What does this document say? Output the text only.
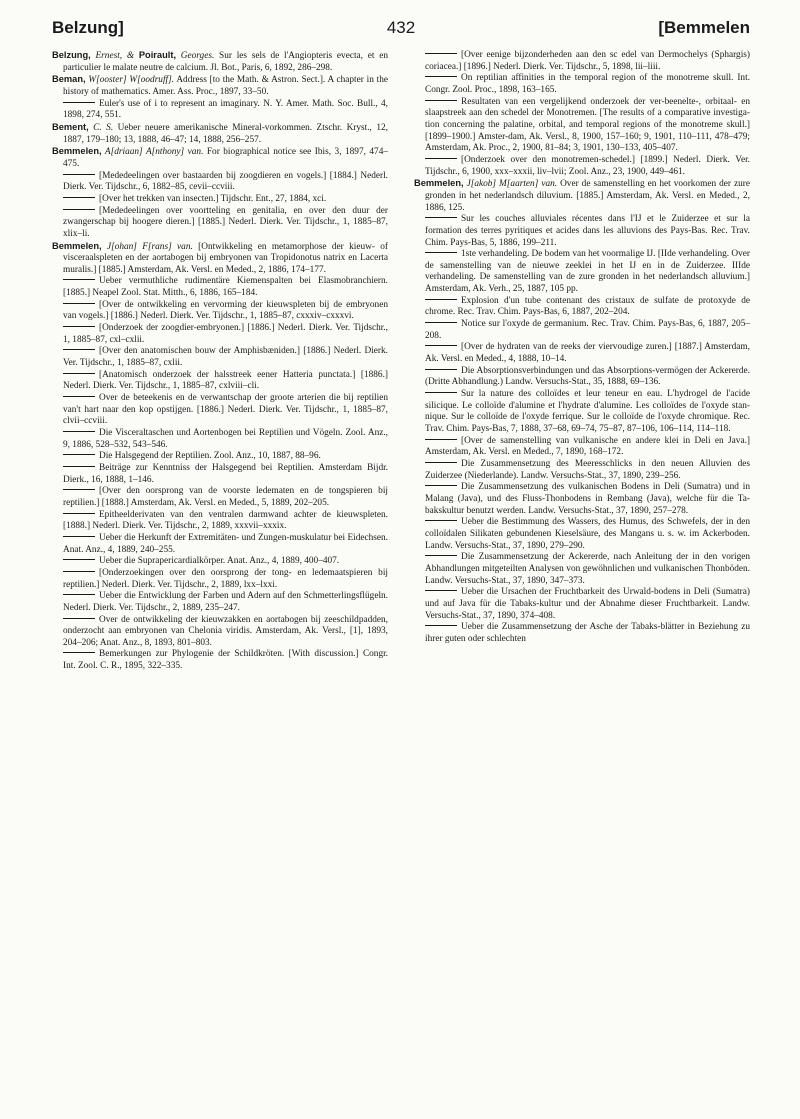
Belzung]	432	[Bemmelen

Belzung, Ernest, & Poirault, Georges. Sur les sels de l'Angiopteris evecta, et en particulier le malate neutre de calcium. Jl. Bot., Paris, 6, 1892, 286–298.

Beman, W[ooster] W[oodruff]. Address [to the Math. & Astron. Sect.]. A chapter in the history of mathematics. Amer. Ass. Proc., 1897, 33–50.

Euler's use of i to represent an imaginary. N. Y. Amer. Math. Soc. Bull., 4, 1898, 274, 551.

Bement, C. S. Ueber neuere amerikanische Mineral-vorkommen. Ztschr. Kryst., 12, 1887, 179–180; 13, 1888, 46–47; 14, 1888, 256–257.

Bemmelen, A[driaan] A[nthony] van. For biographical notice see Ibis, 3, 1897, 474–475.

[Mededeelingen over bastaarden bij zoogdieren en vogels.] [1884.] Nederl. Dierk. Ver. Tijdschr., 6, 1882–85, cevii–ccviii.

[Over het trekken van insecten.] Tijdschr. Ent., 27, 1884, xci.

[Mededeelingen over voortteling en genitalia, en over den duur der zwangerschap bij hoogere dieren.] [1885.] Nederl. Dierk. Ver. Tijdschr., 1, 1885–87, xlix–li.

Bemmelen, J[ohan] F[rans] van. [Ontwikkeling en metamorphose der kieuw- of visceraalspleten en der aortabogen bij embryonen van Tropidonotus natrix en Lacerta muralis.] [1885.] Amsterdam, Ak. Versl. en Meded., 2, 1886, 174–177.

Ueber vermuthliche rudimentäre Kiemenspalten bei Elasmobranchiern. [1885.] Neapel Zool. Stat. Mitth., 6, 1886, 165–184.

[Over de ontwikkeling en vervorming der kieuwspleten bij de embryonen van vogels.] [1886.] Nederl. Dierk. Ver. Tijdschr., 1, 1885–87, cxxxiv–cxxxvi.

[Onderzoek der zoogdier-embryonen.] [1886.] Nederl. Dierk. Ver. Tijdschr., 1, 1885–87, cxl–cxlii.

[Over den anatomischen bouw der Amphisbæniden.] [1886.] Nederl. Dierk. Ver. Tijdschr., 1, 1885–87, cxlii.

[Anatomisch onderzoek der halsstreek eener Hatteria punctata.] [1886.] Nederl. Dierk. Ver. Tijdschr., 1, 1885–87, cxlviii–cli.

Over de beteekenis en de verwantschap der groote arterien die bij reptilien van't hart naar den kop opstijgen. [1886.] Nederl. Dierk. Ver. Tijdschr., 1, 1885–87, clvii–ccviii.

Die Visceraltaschen und Aortenbogen bei Reptilien und Vögeln. Zool. Anz., 9, 1886, 528–532, 543–546.

Die Halsgegend der Reptilien. Zool. Anz., 10, 1887, 88–96.

Beiträge zur Kenntniss der Halsgegend bei Reptilien. Amsterdam Bijdr. Dierk., 16, 1888, 1–146.

[Over den oorsprong van de voorste ledematen en de tongspieren bij reptilien.] [1888.] Amsterdam, Ak. Versl. en Meded., 5, 1889, 202–205.

Epitheelderivaten van den ventralen darmwand achter de kieuwspleten. [1888.] Nederl. Dierk. Ver. Tijdschr., 2, 1889, xxxvii–xxxix.

Ueber die Herkunft der Extremitäten- und Zungen-muskulatur bei Eidechsen. Anat. Anz., 4, 1889, 240–255.

Ueber die Suprapericardialkörper. Anat. Anz., 4, 1889, 400–407.

[Onderzoekingen over den oorsprong der tong- en ledemaatspieren bij reptilien.] Nederl. Dierk. Ver. Tijdschr., 2, 1889, lxx–lxxi.

Ueber die Entwicklung der Farben und Adern auf den Schmetterlingsflügeln. Nederl. Dierk. Ver. Tijdschr., 2, 1889, 235–247.

Over de ontwikkeling der kieuwzakken en aortabogen bij zeeschildpadden, onderzocht aan embryonen van Chelonia viridis. Amsterdam, Ak. Versl., [1], 1893, 204–206; Anat. Anz., 8, 1893, 801–803.

Bemerkungen zur Phylogenie der Schildkröten. [With discussion.] Congr. Int. Zool. C. R., 1895, 322–335.

[Over eenige bijzonderheden aan den sc edel van Dermochelys (Sphargis) coriacea.] [1896.] Nederl. Dierk. Ver. Tijdschr., 5, 1898, lii–liii.

On reptilian affinities in the temporal region of the monotreme skull. Int. Congr. Zool. Proc., 1898, 163–165.

Resultaten van een vergelijkend onderzoek der ver-beenelte-, orbitaal- en slaapstreek aan den schedel der Monotremen. [The results of a comparative investiga-tion concerning the palatine, orbital, and temporal regions of the monotreme skull.] [1899–1900.] Amster-dam, Ak. Versl., 8, 1900, 157–160; 9, 1901, 110–111, 478–479; Amsterdam, Ak. Proc., 2, 1900, 81–84; 3, 1901, 130–133, 405–407.

[Onderzoek over den monotremen-schedel.] [1899.] Nederl. Dierk. Ver. Tijdschr., 6, 1900, xxx–xxxii, liv–lvii; Zool. Anz., 23, 1900, 449–461.

Bemmelen, J[akob] M[aarten] van. Over de samenstelling en het voorkomen der zure gronden in het nederlandsch diluvium. [1885.] Amsterdam, Ak. Versl. en Meded., 2, 1886, 125.

Sur les couches alluviales récentes dans l'IJ et le Zuiderzee et sur la formation des terres pyritiques et acides dans les alluvions des Pays-Bas. Rec. Trav. Chim. Pays-Bas, 5, 1886, 199–211.

1ste verhandeling. De bodem van het voormalige IJ. [IIde verhandeling. Over de samenstelling van de nieuwe zeeklei in het IJ en in de Zuiderzee. IIIde verhandeling. De samenstelling van de zure gronden in het nederlandsch alluvium.] Amsterdam, Ak. Verh., 25, 1887, 105 pp.

Explosion d'un tube contenant des cristaux de sulfate de protoxyde de chrome. Rec. Trav. Chim. Pays-Bas, 6, 1887, 202–204.

Notice sur l'oxyde de germanium. Rec. Trav. Chim. Pays-Bas, 6, 1887, 205–208.

[Over de hydraten van de reeks der viervoudige zuren.] [1887.] Amsterdam, Ak. Versl. en Meded., 4, 1888, 10–14.

Die Absorptionsverbindungen und das Absorptions-vermögen der Ackererde. (Dritte Abhandlung.) Landw. Versuchs-Stat., 35, 1888, 69–136.

Sur la nature des colloïdes et leur teneur en eau. L'hydrogel de l'acide silicique. Le colloïde d'alumine et l'hydrate d'alumine. Les colloïdes de l'oxyde stan-nique. Sur le colloïde de l'oxyde ferrique. Sur le colloïde de l'oxyde chromique. Rec. Trav. Chim. Pays-Bas, 7, 1888, 37–68, 69–74, 75–87, 87–106, 106–114, 114–118.

[Over de samenstelling van vulkanische en andere klei in Deli en Java.] Amsterdam, Ak. Versl. en Meded., 7, 1890, 168–172.

Die Zusammensetzung des Meeresschlicks in den neuen Alluvien des Zuiderzee (Niederlande). Landw. Versuchs-Stat., 37, 1890, 239–256.

Die Zusammensetzung des vulkanischen Bodens in Deli (Sumatra) und in Malang (Java), und des Fluss-Thonbodens in Rembang (Java), welche für die Ta-bakskultur benutzt werden. Landw. Versuchs-Stat., 37, 1890, 257–278.

Ueber die Bestimmung des Wassers, des Humus, des Schwefels, der in den colloïdalen Silikaten gebundenen Kieselsäure, des Mangans u. s. w. im Ackerboden. Landw. Versuchs-Stat., 37, 1890, 279–290.

Die Zusammensetzung der Ackererde, nach Anleitung der in den vorigen Abhandlungen mitgeteilten Analysen von gewöhnlichen und vulkanischen Thonböden. Landw. Versuchs-Stat., 37, 1890, 347–373.

Ueber die Ursachen der Fruchtbarkeit des Urwald-bodens in Deli (Sumatra) und auf Java für die Tabaks-kultur und der Abnahme dieser Fruchtbarkeit. Landw. Versuchs-Stat., 37, 1890, 374–408.

Ueber die Zusammensetzung der Asche der Tabaks-blätter in Beziehung zu ihrer guten oder schlechten
